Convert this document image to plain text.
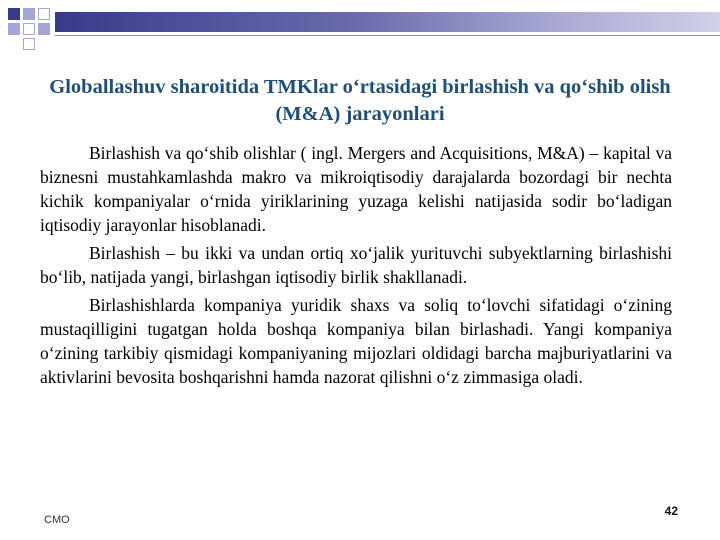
Globallashuv sharoitida TMKlar o‘rtasidagi birlashish va qo‘shib olish (M&A) jarayonlari

Birlashish va qo‘shib olishlar ( ingl. Mergers and Acquisitions, M&A) – kapital va biznesni mustahkamlashda makro va mikroiqtisodiy darajalarda bozordagi bir nechta kichik kompaniyalar o‘rnida yiriklarining yuzaga kelishi natijasida sodir bo‘ladigan iqtisodiy jarayonlar hisoblanadi.

Birlashish – bu ikki va undan ortiq xo‘jalik yurituvchi subyektlarning birlashishi bo‘lib, natijada yangi, birlashgan iqtisodiy birlik shakllanadi.

Birlashishlarda kompaniya yuridik shaxs va soliq to‘lovchi sifatidagi o‘zining mustaqilligini tugatgan holda boshqa kompaniya bilan birlashadi. Yangi kompaniya o‘zining tarkibiy qismidagi kompaniyaning mijozlari oldidagi barcha majburiyatlarini va aktivlarini bevosita boshqarishni hamda nazorat qilishni o‘z zimmasiga oladi.

CMO
42
